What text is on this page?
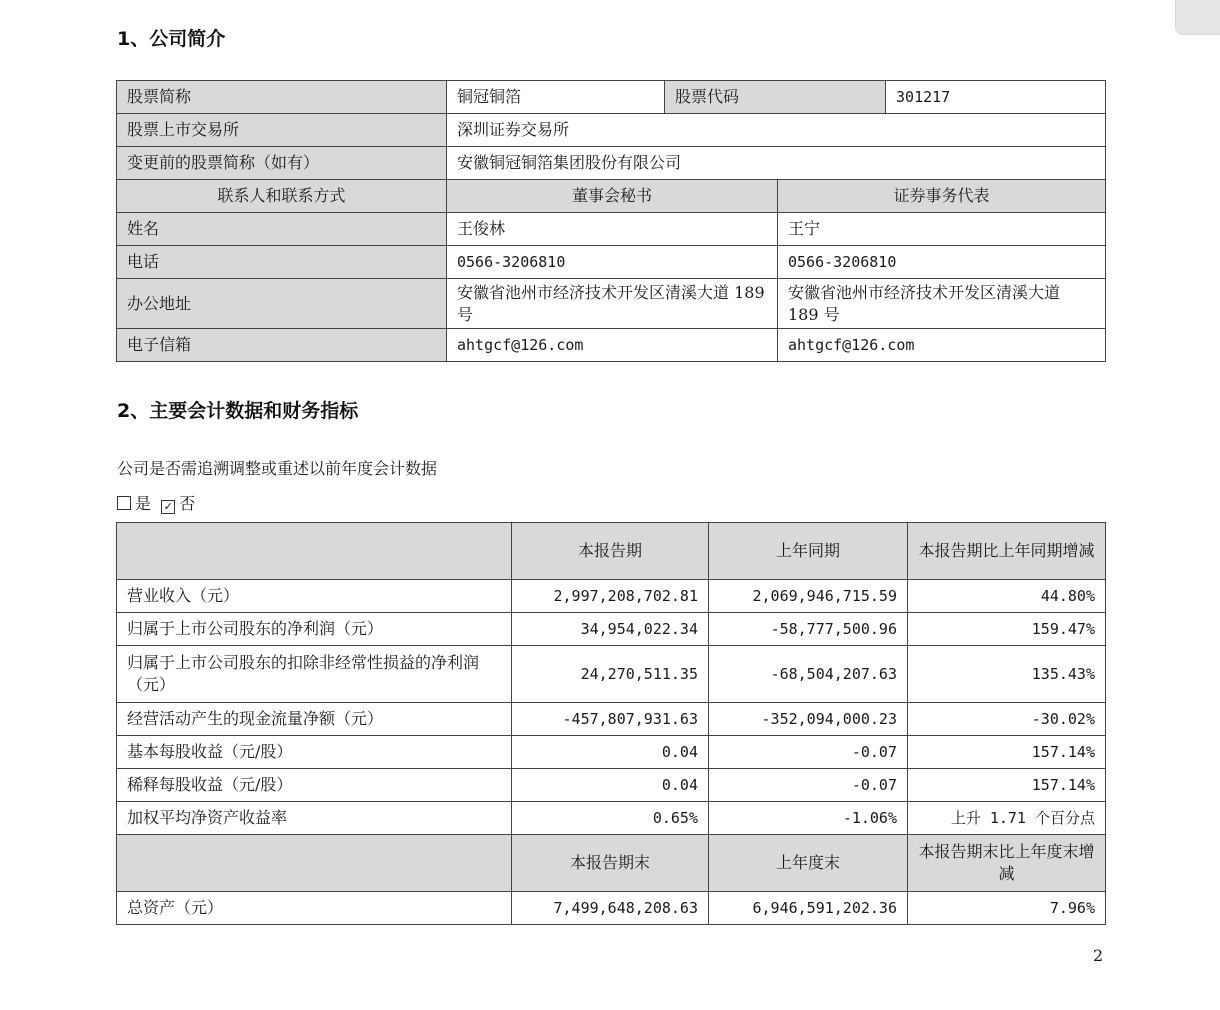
1、公司简介
股票简称	铜冠铜箔	股票代码		301217
股票上市交易所	深圳证券交易所			
变更前的股票简称（如有）	安徽铜冠铜箔集团股份有限公司			
联系人和联系方式	董事会秘书		证券事务代表	
姓名	王俊林		王宁	
电话	0566-3206810		0566-3206810	
办公地址	安徽省池州市经济技术开发区清溪大道 189 号		安徽省池州市经济技术开发区清溪大道 189 号	
电子信箱	ahtgcf@126.com		ahtgcf@126.com	
2、主要会计数据和财务指标

公司是否需追溯调整或重述以前年度会计数据

是 ✓ 否

	本报告期	上年同期	本报告期比上年同期增减
营业收入（元）	2,997,208,702.81	2,069,946,715.59	44.80%
归属于上市公司股东的净利润（元）	34,954,022.34	-58,777,500.96	159.47%
归属于上市公司股东的扣除非经常性损益的净利润（元）	24,270,511.35	-68,504,207.63	135.43%
经营活动产生的现金流量净额（元）	-457,807,931.63	-352,094,000.23	-30.02%
基本每股收益（元/股）	0.04	-0.07	157.14%
稀释每股收益（元/股）	0.04	-0.07	157.14%
加权平均净资产收益率	0.65%	-1.06%	上升 1.71 个百分点
	本报告期末	上年度末	本报告期末比上年度末增减
总资产（元）	7,499,648,208.63	6,946,591,202.36	7.96%
2
